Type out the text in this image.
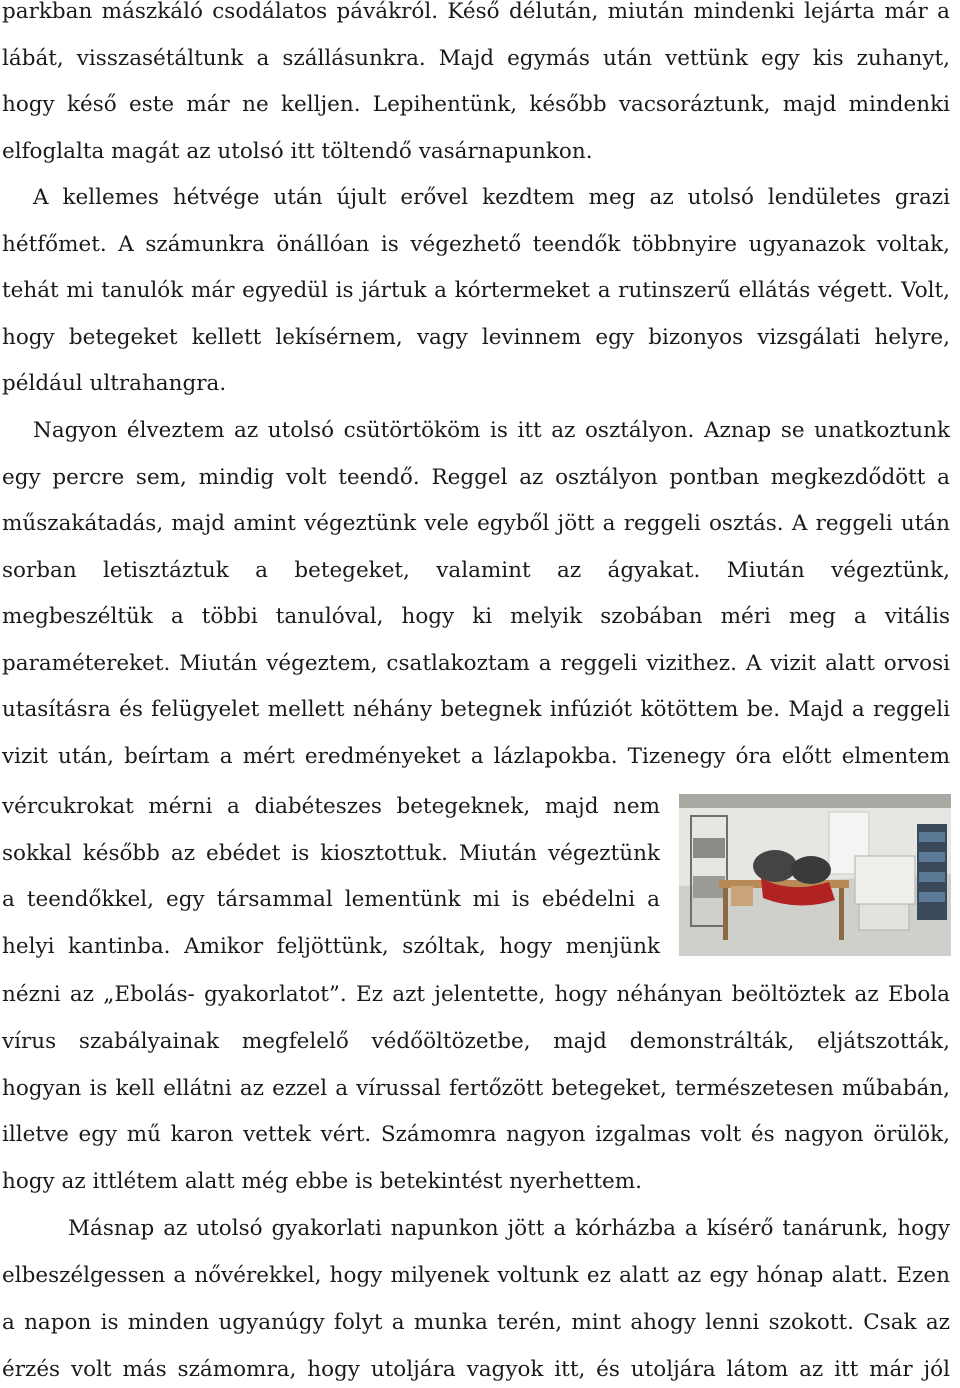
parkban mászkáló csodálatos pávákról. Késő délután, miután mindenki lejárta már a
lábát, visszasétáltunk a szállásunkra. Majd egymás után vettünk egy kis zuhanyt,
hogy késő este már ne kelljen. Lepihentünk, később vacsoráztunk, majd mindenki
elfoglalta magát az utolsó itt töltendő vasárnapunkon.
A kellemes hétvége után újult erővel kezdtem meg az utolsó lendületes grazi
hétfőmet. A számunkra önállóan is végezhető teendők többnyire ugyanazok voltak,
tehát mi tanulók már egyedül is jártuk a kórtermeket a rutinszerű ellátás végett. Volt,
hogy betegeket kellett lekísérnem, vagy levinnem egy bizonyos vizsgálati helyre,
például ultrahangra.
Nagyon élveztem az utolsó csütörtököm is itt az osztályon. Aznap se unatkoztunk
egy percre sem, mindig volt teendő. Reggel az osztályon pontban megkezdődött a
műszakátadás, majd amint végeztünk vele egyből jött a reggeli osztás. A reggeli után
sorban letisztáztuk a betegeket, valamint az ágyakat. Miután végeztünk,
megbeszéltük a többi tanulóval, hogy ki melyik szobában méri meg a vitális
paramétereket. Miután végeztem, csatlakoztam a reggeli vizithez. A vizit alatt orvosi
utasításra és felügyelet mellett néhány betegnek infúziót kötöttem be. Majd a reggeli
vizit után, beírtam a mért eredményeket a lázlapokba. Tizenegy óra előtt elmentem
vércukrokat mérni a diabéteszes betegeknek, majd nem
sokkal később az ebédet is kiosztottuk. Miután végeztünk
a teendőkkel, egy társammal lementünk mi is ebédelni a
helyi kantinba. Amikor feljöttünk, szóltak, hogy menjünk
nézni az „Ebolás- gyakorlatot”. Ez azt jelentette, hogy néhányan beöltöztek az Ebola
vírus szabályainak megfelelő védőöltözetbe, majd demonstrálták, eljátszották,
hogyan is kell ellátni az ezzel a vírussal fertőzött betegeket, természetesen műbabán,
illetve egy mű karon vettek vért. Számomra nagyon izgalmas volt és nagyon örülök,
hogy az ittlétem alatt még ebbe is betekintést nyerhettem.
Másnap az utolsó gyakorlati napunkon jött a kórházba a kísérő tanárunk, hogy
elbeszélgessen a nővérekkel, hogy milyenek voltunk ez alatt az egy hónap alatt. Ezen
a napon is minden ugyanúgy folyt a munka terén, mint ahogy lenni szokott. Csak az
érzés volt más számomra, hogy utoljára vagyok itt, és utoljára látom az itt már jól
